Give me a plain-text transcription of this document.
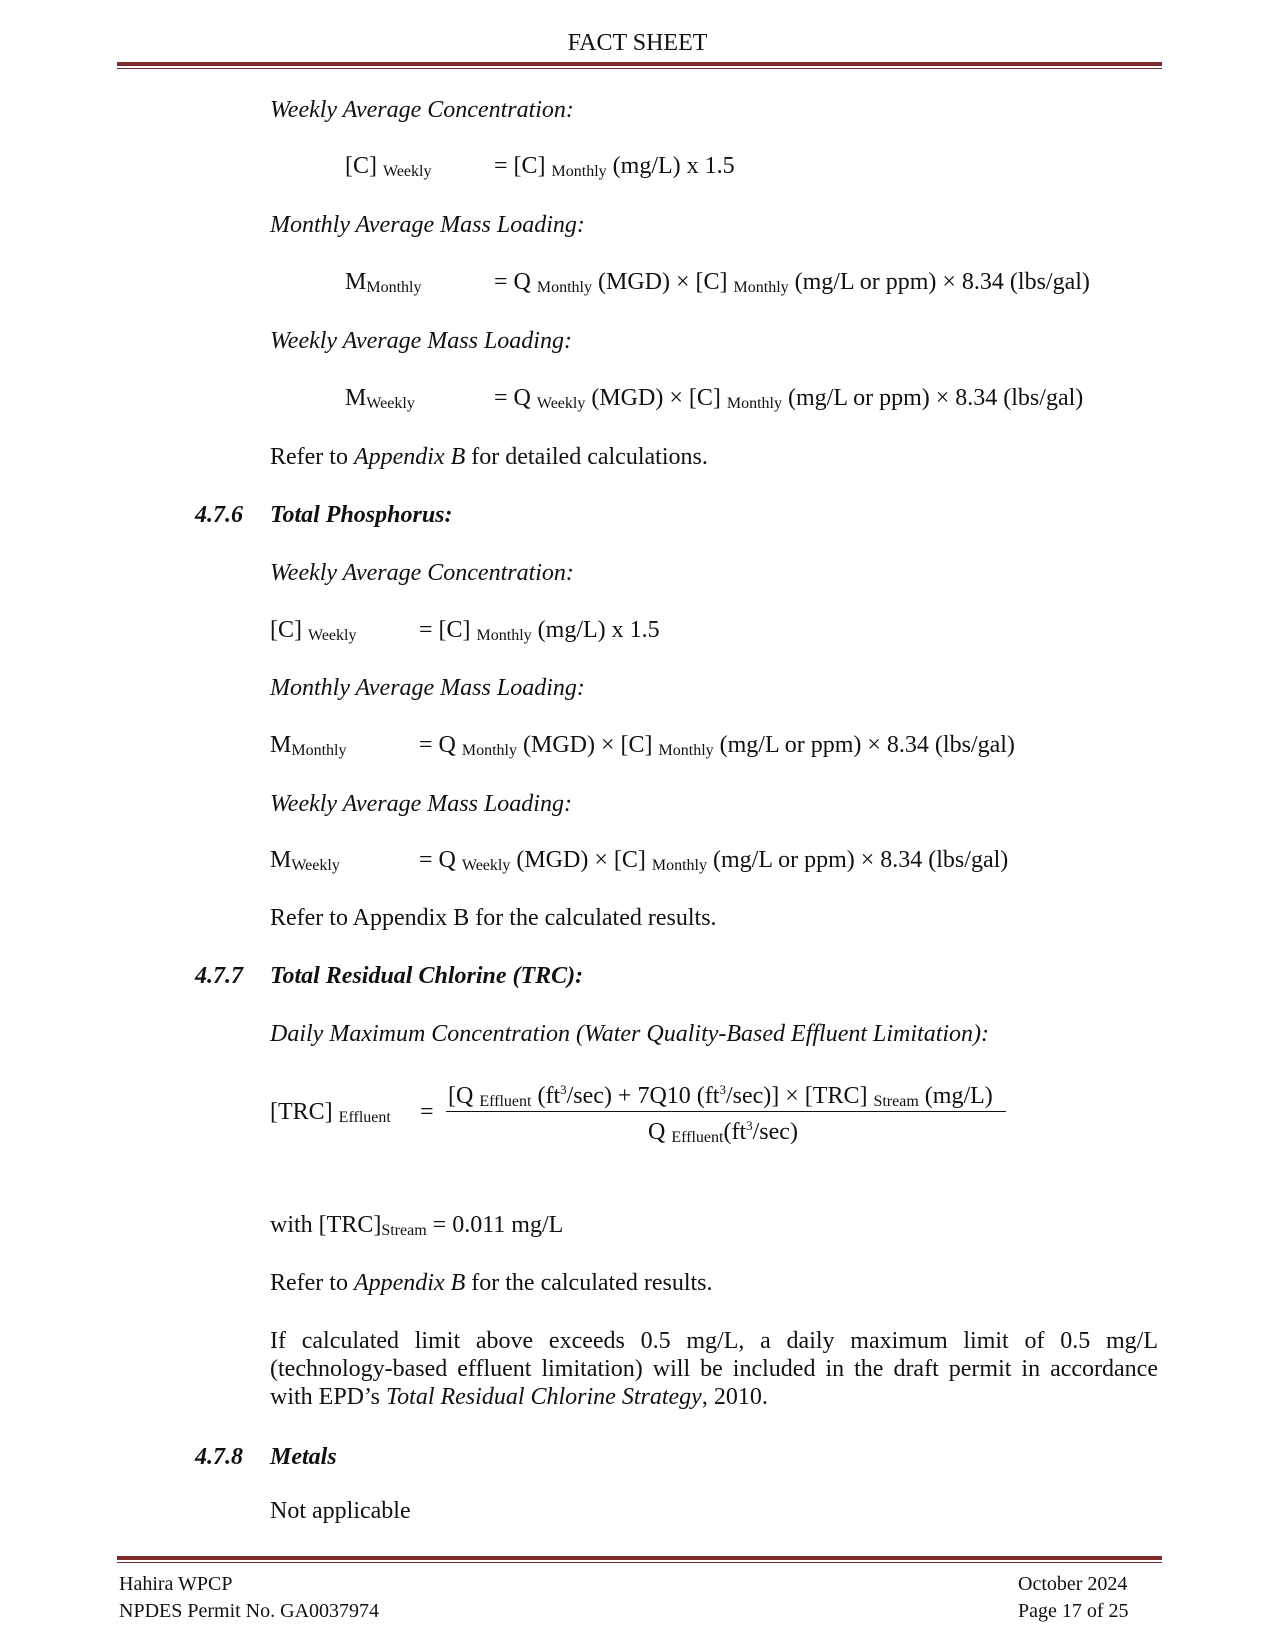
FACT SHEET
Weekly Average Concentration:
[C] Weekly	= [C] Monthly (mg/L) x 1.5
Monthly Average Mass Loading:
MMonthly	= Q Monthly (MGD) × [C] Monthly (mg/L or ppm) × 8.34 (lbs/gal)
Weekly Average Mass Loading:
MWeekly	= Q Weekly (MGD) × [C] Monthly (mg/L or ppm) × 8.34 (lbs/gal)
Refer to Appendix B for detailed calculations.
4.7.6 Total Phosphorus:
Weekly Average Concentration:
[C] Weekly	= [C] Monthly (mg/L) x 1.5
Monthly Average Mass Loading:
MMonthly	= Q Monthly (MGD) × [C] Monthly (mg/L or ppm) × 8.34 (lbs/gal)
Weekly Average Mass Loading:
MWeekly	= Q Weekly (MGD) × [C] Monthly (mg/L or ppm) × 8.34 (lbs/gal)
Refer to Appendix B for the calculated results.
4.7.7 Total Residual Chlorine (TRC):
Daily Maximum Concentration (Water Quality-Based Effluent Limitation):
[TRC] Effluent =
[Q Effluent $(ft^3/\sec) + 7Q10$ $(ft^3/\sec)] \times [TRC]$ Stream (mg/L)
Q $Effluent(ft^3/\sec)$
with [TRC]Stream = 0.011 mg/L
Refer to Appendix B for the calculated results.
If calculated limit above exceeds 0.5 mg/L, a daily maximum limit of 0.5 mg/L (technology-based effluent limitation) will be included in the draft permit in accordance with EPD’s Total Residual Chlorine Strategy, 2010.
4.7.8 Metals
Not applicable
Hahira WPCP
NPDES Permit No. GA0037974
October 2024
Page 17 of 25
